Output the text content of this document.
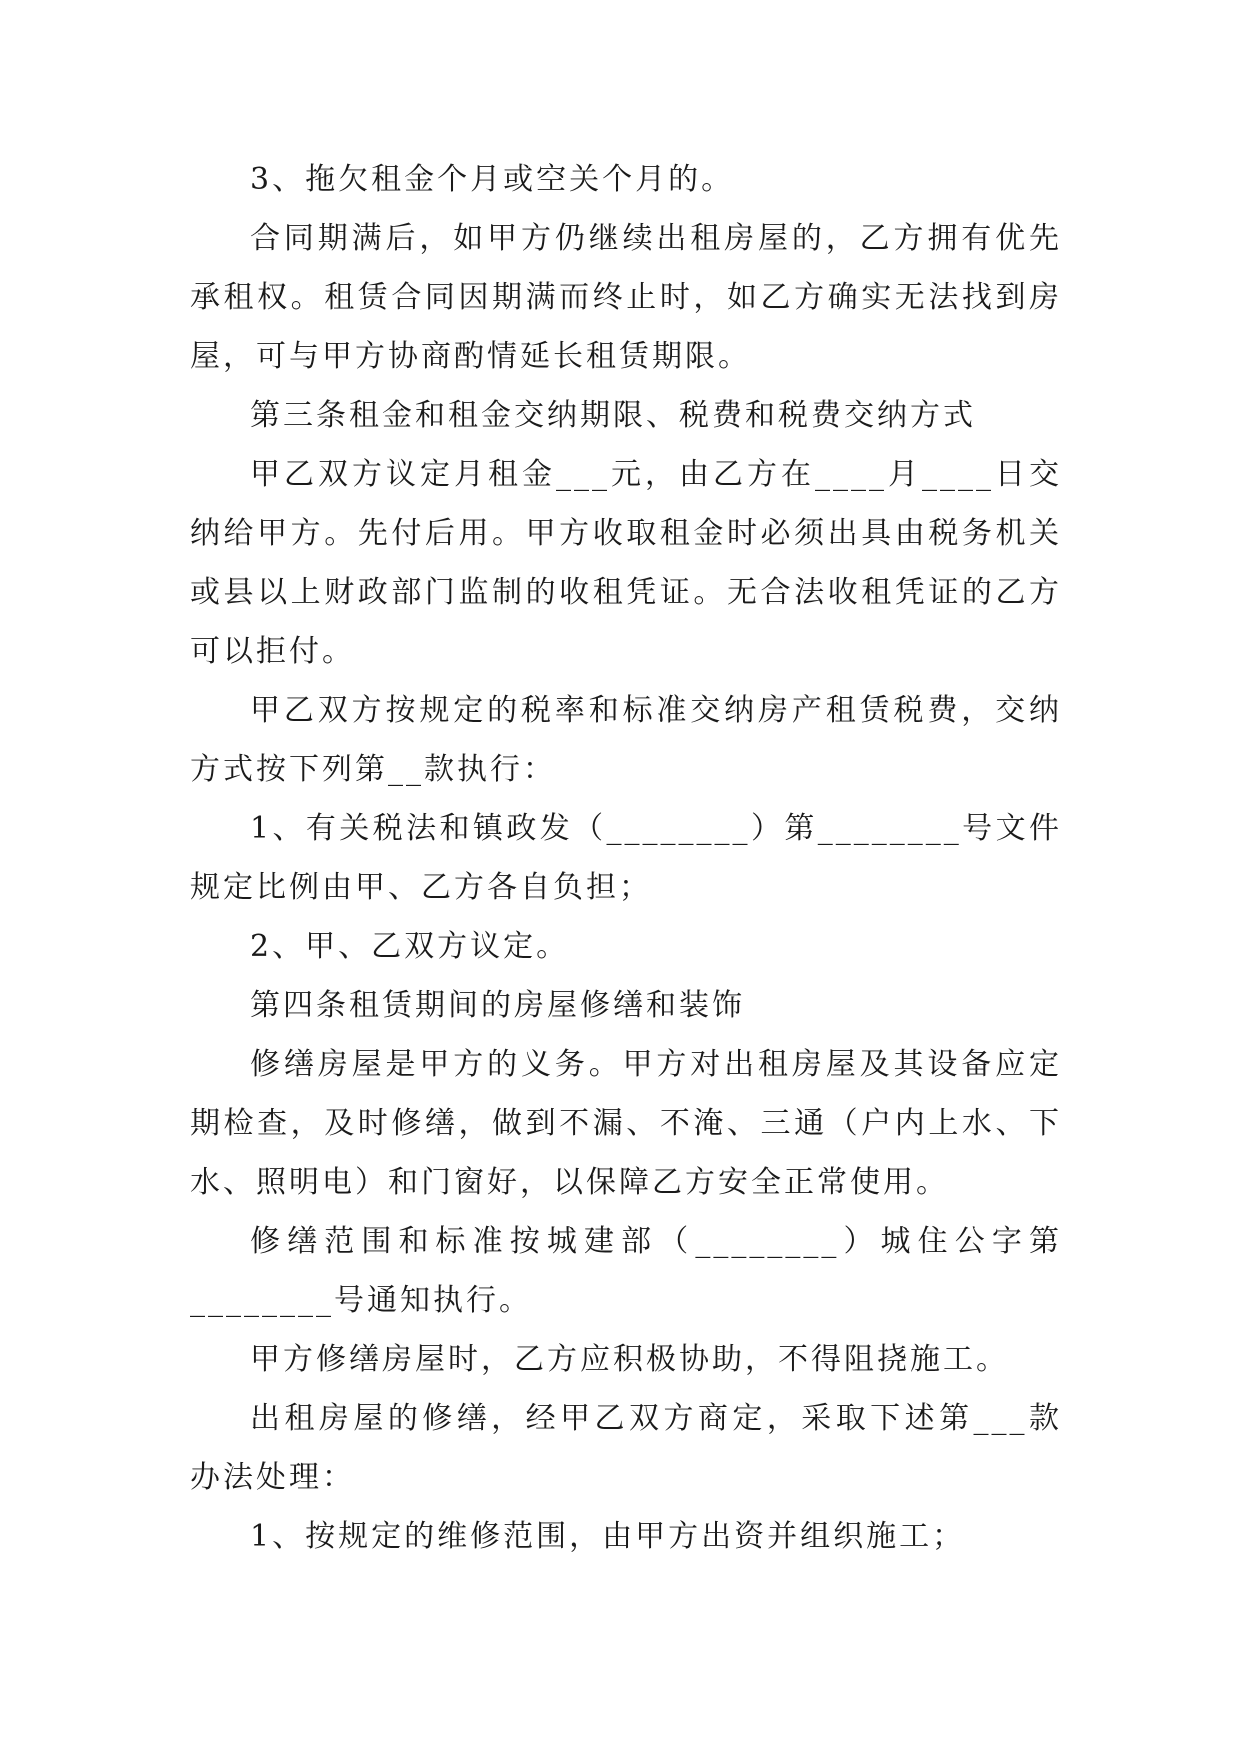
3、拖欠租金个月或空关个月的。

合同期满后，如甲方仍继续出租房屋的，乙方拥有优先承租权。租赁合同因期满而终止时，如乙方确实无法找到房屋，可与甲方协商酌情延长租赁期限。

第三条租金和租金交纳期限、税费和税费交纳方式

甲乙双方议定月租金___元，由乙方在____月____日交纳给甲方。先付后用。甲方收取租金时必须出具由税务机关或县以上财政部门监制的收租凭证。无合法收租凭证的乙方可以拒付。

甲乙双方按规定的税率和标准交纳房产租赁税费，交纳方式按下列第__款执行：

1、有关税法和镇政发（________）第________号文件规定比例由甲、乙方各自负担；

2、甲、乙双方议定。

第四条租赁期间的房屋修缮和装饰

修缮房屋是甲方的义务。甲方对出租房屋及其设备应定期检查，及时修缮，做到不漏、不淹、三通（户内上水、下水、照明电）和门窗好，以保障乙方安全正常使用。

修缮范围和标准按城建部（________）城住公字第________号通知执行。

甲方修缮房屋时，乙方应积极协助，不得阻挠施工。

出租房屋的修缮，经甲乙双方商定，采取下述第___款办法处理：

1、按规定的维修范围，由甲方出资并组织施工；
